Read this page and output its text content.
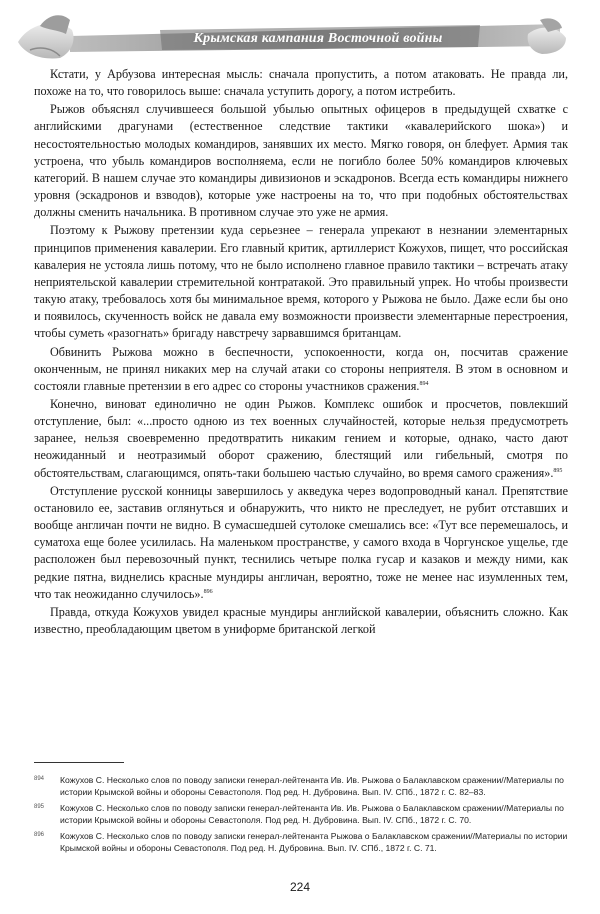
Крымская кампания Восточной войны

Кстати, у Арбузова интересная мысль: сначала пропустить, а потом атаковать. Не правда ли, похоже на то, что говорилось выше: сначала уступить дорогу, а потом истребить.

Рыжов объяснял случившееся большой убылью опытных офицеров в предыдущей схватке с английскими драгунами (естественное следствие тактики «кавалерийского шока») и несостоятельностью молодых командиров, занявших их место. Мягко говоря, он блефует. Армия так устроена, что убыль командиров восполняема, если не погибло более 50% командиров ключевых категорий. В нашем случае это командиры дивизионов и эскадронов. Всегда есть командиры нижнего уровня (эскадронов и взводов), которые уже настроены на то, что при подобных обстоятельствах должны сменить начальника. В противном случае это уже не армия.

Поэтому к Рыжову претензии куда серьезнее – генерала упрекают в незнании элементарных принципов применения кавалерии. Его главный критик, артиллерист Кожухов, пищет, что российская кавалерия не устояла лишь потому, что не было исполнено главное правило тактики – встречать атаку неприятельской кавалерии стремительной контратакой. Это правильный упрек. Но чтобы произвести такую атаку, требовалось хотя бы минимальное время, которого у Рыжова не было. Даже если бы оно и появилось, скученность войск не давала ему возможности произвести элементарные перестроения, чтобы суметь «разогнать» бригаду навстречу зарвавшимся британцам.

Обвинить Рыжова можно в беспечности, успокоенности, когда он, посчитав сражение оконченным, не принял никаких мер на случай атаки со стороны неприятеля. В этом в основном и состояли главные претензии в его адрес со стороны участников сражения.$^{894}$

Конечно, виноват единолично не один Рыжов. Комплекс ошибок и просчетов, повлекший отступление, был: «...просто одною из тех военных случайностей, которые нельзя предусмотреть заранее, нельзя своевременно предотвратить никаким гением и которые, однако, часто дают неожиданный и неотразимый оборот сражению, блестящий или гибельный, смотря по обстоятельствам, слагающимся, опять-таки большею частью случайно, во время самого сражения».$^{895}$

Отступление русской конницы завершилось у акведука через водопроводный канал. Препятствие остановило ее, заставив оглянуться и обнаружить, что никто не преследует, не рубит отставших и вообще англичан почти не видно. В сумасшедшей сутолоке смешались все: «Тут все перемешалось, и суматоха еще более усилилась. На маленьком пространстве, у самого входа в Чоргунское ущелье, где расположен был перевозочный пункт, теснились четыре полка гусар и казаков и между ними, как редкие пятна, виднелись красные мундиры англичан, вероятно, тоже не менее нас изумленных тем, что так неожиданно случилось».$^{896}$

Правда, откуда Кожухов увидел красные мундиры английской кавалерии, объяснить сложно. Как известно, преобладающим цветом в униформе британской легкой

894	Кожухов С. Несколько слов по поводу записки генерал-лейтенанта Ив. Ив. Рыжова о Балаклавском сражении//Материалы по истории Крымской войны и обороны Севастополя. Под ред. Н. Дубровина. Вып. IV. СПб., 1872 г. С. 82–83.
895	Кожухов С. Несколько слов по поводу записки генерал-лейтенанта Ив. Ив. Рыжова о Балаклавском сражении//Материалы по истории Крымской войны и обороны Севастополя. Под ред. Н. Дубровина. Вып. IV. СПб., 1872 г. С. 70.
896	Кожухов С. Несколько слов по поводу записки генерал-лейтенанта Рыжова о Балаклавском сражении//Материалы по истории Крымской войны и обороны Севастополя. Под ред. Н. Дубровина. Вып. IV. СПб., 1872 г. С. 71.
224
